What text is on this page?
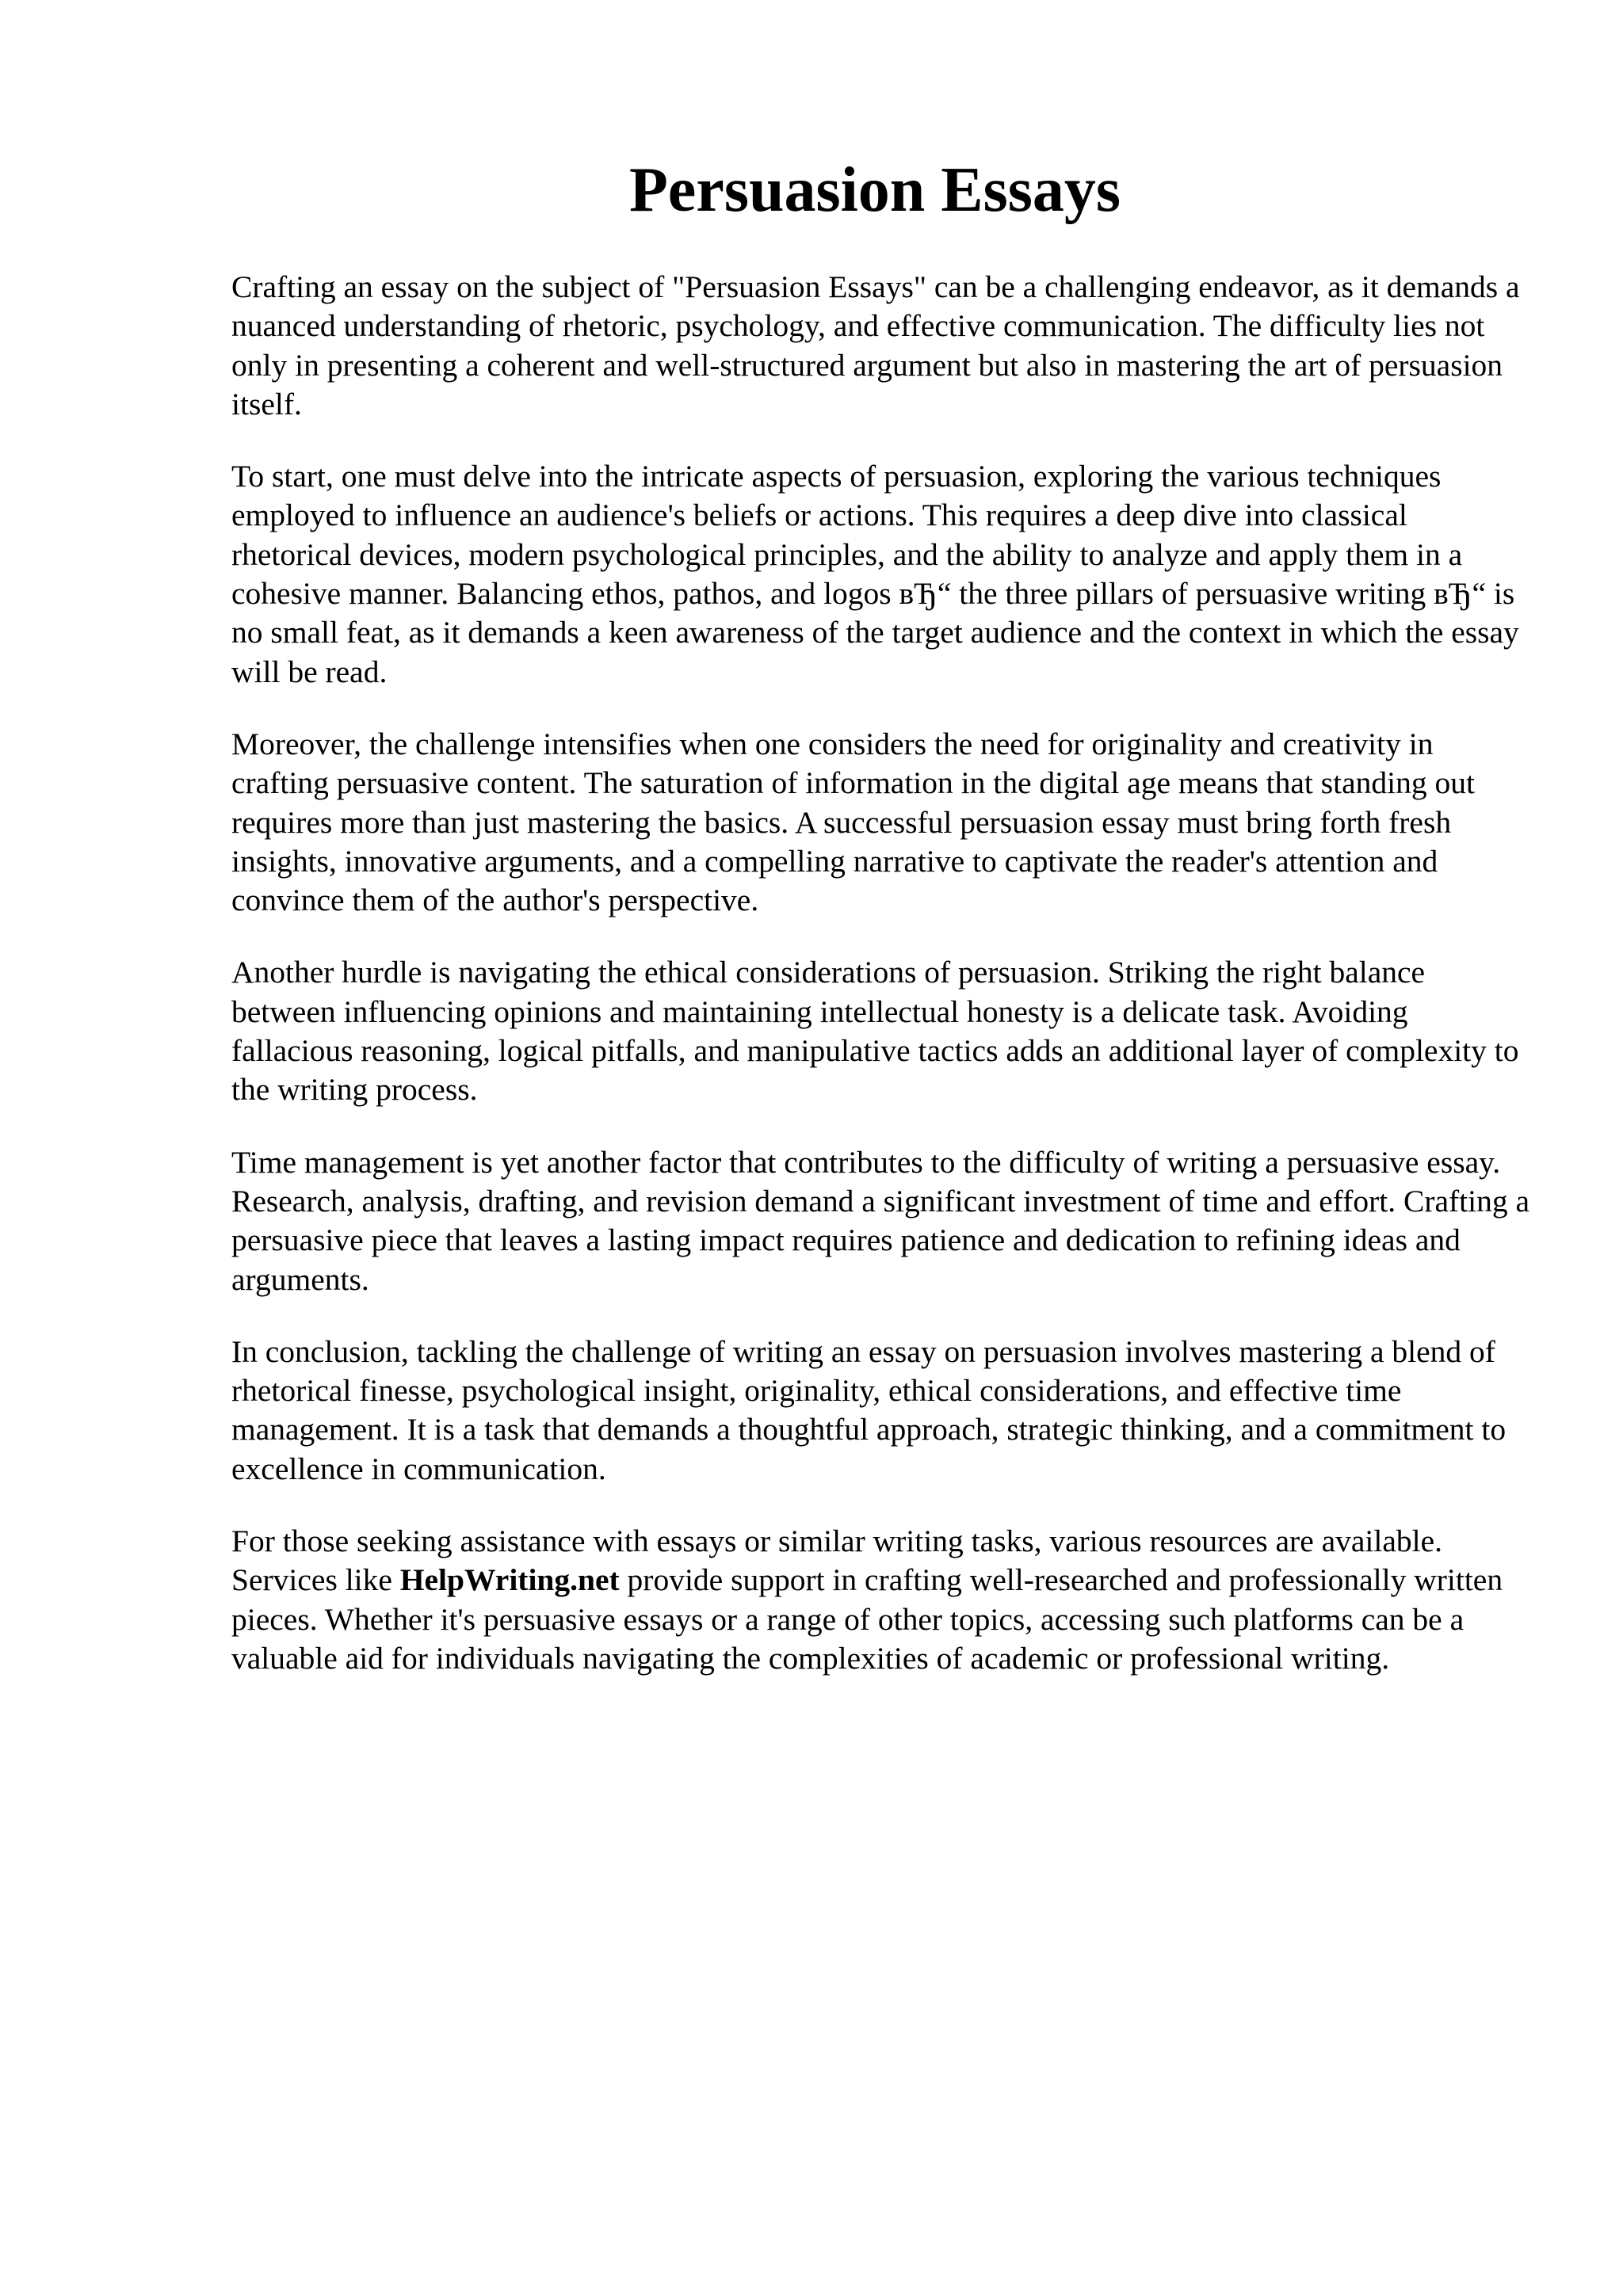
Persuasion Essays

Crafting an essay on the subject of "Persuasion Essays" can be a challenging endeavor, as it demands a nuanced understanding of rhetoric, psychology, and effective communication. The difficulty lies not only in presenting a coherent and well-structured argument but also in mastering the art of persuasion itself.

To start, one must delve into the intricate aspects of persuasion, exploring the various techniques employed to influence an audience's beliefs or actions. This requires a deep dive into classical rhetorical devices, modern psychological principles, and the ability to analyze and apply them in a cohesive manner. Balancing ethos, pathos, and logos вЂ“ the three pillars of persuasive writing вЂ“ is no small feat, as it demands a keen awareness of the target audience and the context in which the essay will be read.

Moreover, the challenge intensifies when one considers the need for originality and creativity in crafting persuasive content. The saturation of information in the digital age means that standing out requires more than just mastering the basics. A successful persuasion essay must bring forth fresh insights, innovative arguments, and a compelling narrative to captivate the reader's attention and convince them of the author's perspective.

Another hurdle is navigating the ethical considerations of persuasion. Striking the right balance between influencing opinions and maintaining intellectual honesty is a delicate task. Avoiding fallacious reasoning, logical pitfalls, and manipulative tactics adds an additional layer of complexity to the writing process.

Time management is yet another factor that contributes to the difficulty of writing a persuasive essay. Research, analysis, drafting, and revision demand a significant investment of time and effort. Crafting a persuasive piece that leaves a lasting impact requires patience and dedication to refining ideas and arguments.

In conclusion, tackling the challenge of writing an essay on persuasion involves mastering a blend of rhetorical finesse, psychological insight, originality, ethical considerations, and effective time management. It is a task that demands a thoughtful approach, strategic thinking, and a commitment to excellence in communication.

For those seeking assistance with essays or similar writing tasks, various resources are available. Services like HelpWriting.net provide support in crafting well-researched and professionally written pieces. Whether it's persuasive essays or a range of other topics, accessing such platforms can be a valuable aid for individuals navigating the complexities of academic or professional writing.
